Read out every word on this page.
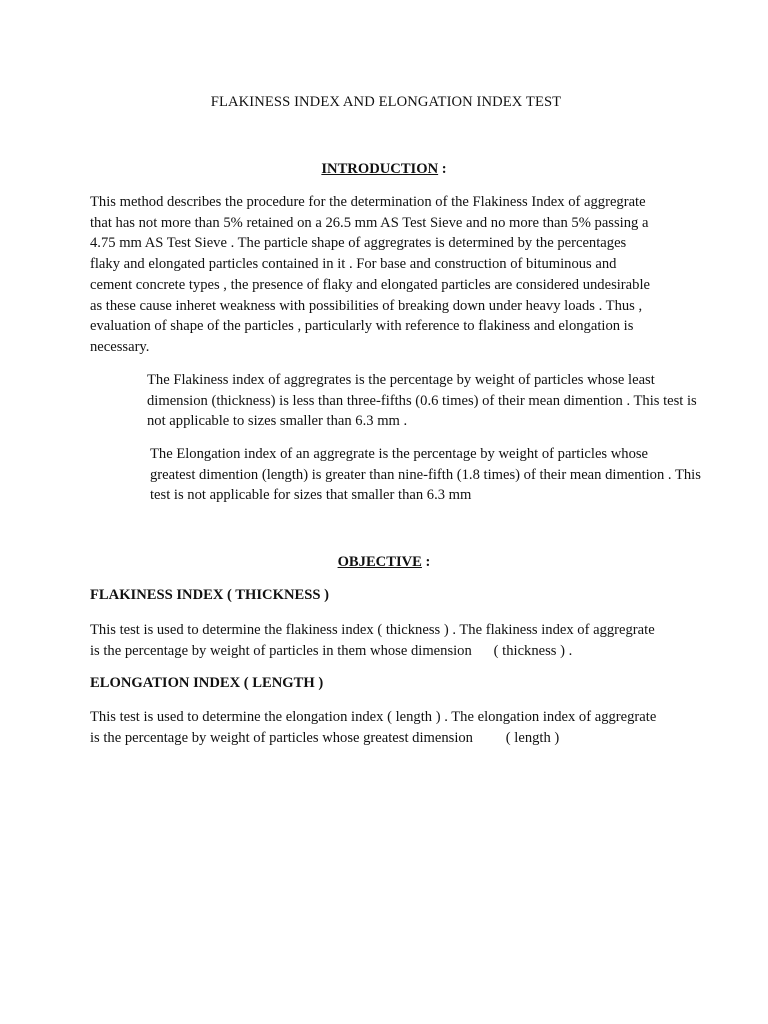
FLAKINESS INDEX AND ELONGATION INDEX TEST
INTRODUCTION :

This method describes the procedure for the determination of the Flakiness Index of aggregrate
that has not more than 5% retained on a 26.5 mm AS Test Sieve and no more than 5% passing a
4.75 mm AS Test Sieve . The particle shape of aggregrates is determined by the percentages
flaky and elongated particles contained in it . For base and construction of bituminous and
cement concrete types , the presence of flaky and elongated particles are considered undesirable
as these cause inheret weakness with possibilities of breaking down under heavy loads . Thus ,
evaluation of shape of the particles , particularly with reference to flakiness and elongation is
necessary.

The Flakiness index of aggregrates is the percentage by weight of particles whose least
dimension (thickness) is less than three-fifths (0.6 times) of their mean dimention . This test is
not applicable to sizes smaller than 6.3 mm .

The Elongation index of an aggregrate is the percentage by weight of particles whose
greatest dimention (length) is greater than nine-fifth (1.8 times) of their mean dimention . This
test is not applicable for sizes that smaller than 6.3 mm

OBJECTIVE :
FLAKINESS INDEX ( THICKNESS )

This test is used to determine the flakiness index ( thickness ) . The flakiness index of aggregrate
is the percentage by weight of particles in them whose dimension      ( thickness ) .

ELONGATION INDEX ( LENGTH )

This test is used to determine the elongation index ( length ) . The elongation index of aggregrate
is the percentage by weight of particles whose greatest dimension         ( length )
